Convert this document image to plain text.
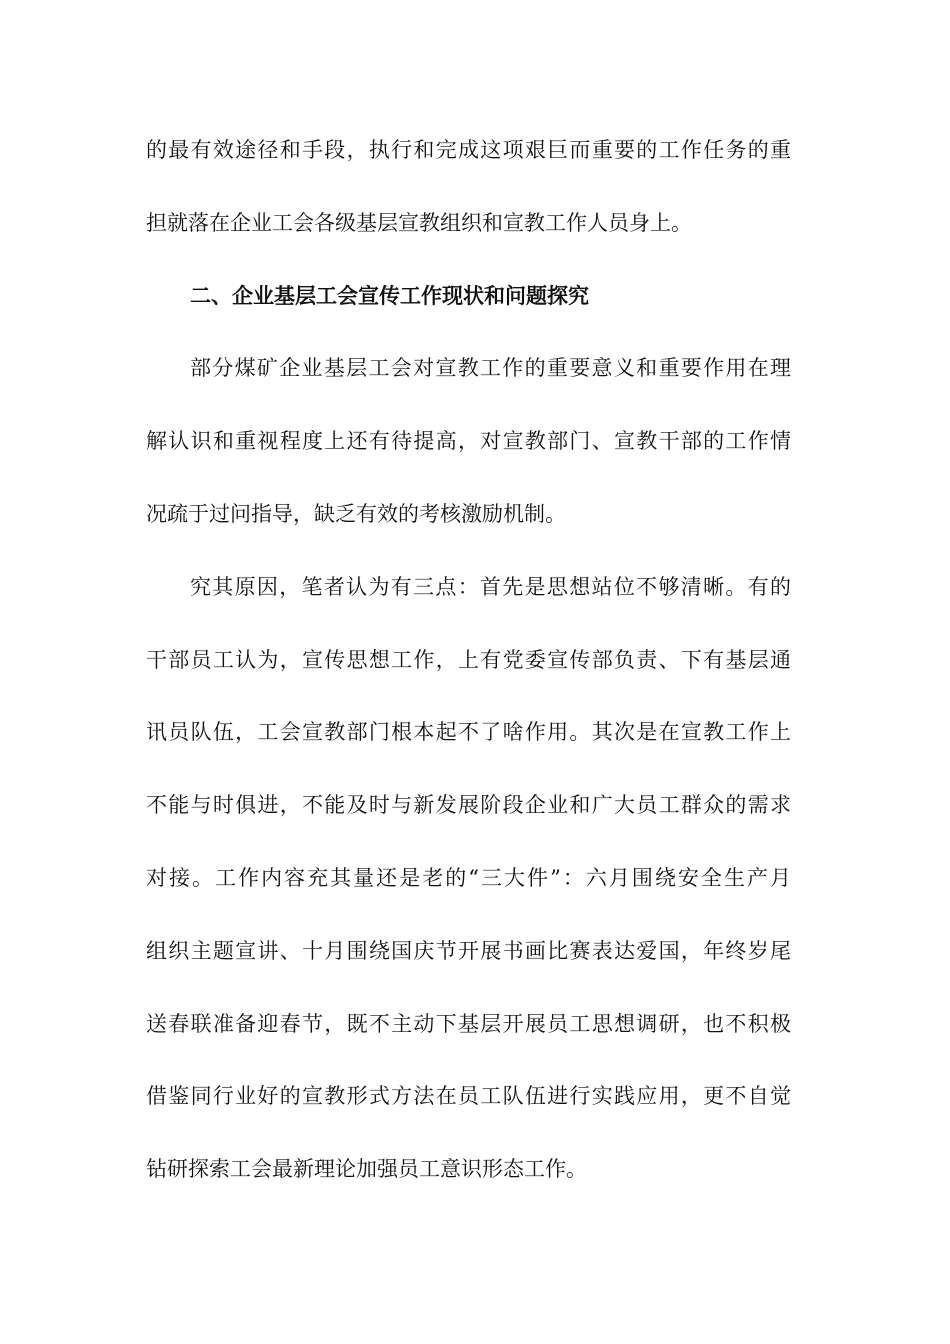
的最有效途径和手段，执行和完成这项艰巨而重要的工作任务的重
担就落在企业工会各级基层宣教组织和宣教工作人员身上。
二、企业基层工会宣传工作现状和问题探究
部分煤矿企业基层工会对宣教工作的重要意义和重要作用在理
解认识和重视程度上还有待提高，对宣教部门、宣教干部的工作情
况疏于过问指导，缺乏有效的考核激励机制。
究其原因，笔者认为有三点：首先是思想站位不够清晰。有的
干部员工认为，宣传思想工作，上有党委宣传部负责、下有基层通
讯员队伍，工会宣教部门根本起不了啥作用。其次是在宣教工作上
不能与时俱进，不能及时与新发展阶段企业和广大员工群众的需求
对接。工作内容充其量还是老的“三大件”：六月围绕安全生产月
组织主题宣讲、十月围绕国庆节开展书画比赛表达爱国，年终岁尾
送春联准备迎春节，既不主动下基层开展员工思想调研，也不积极
借鉴同行业好的宣教形式方法在员工队伍进行实践应用，更不自觉
钻研探索工会最新理论加强员工意识形态工作。
